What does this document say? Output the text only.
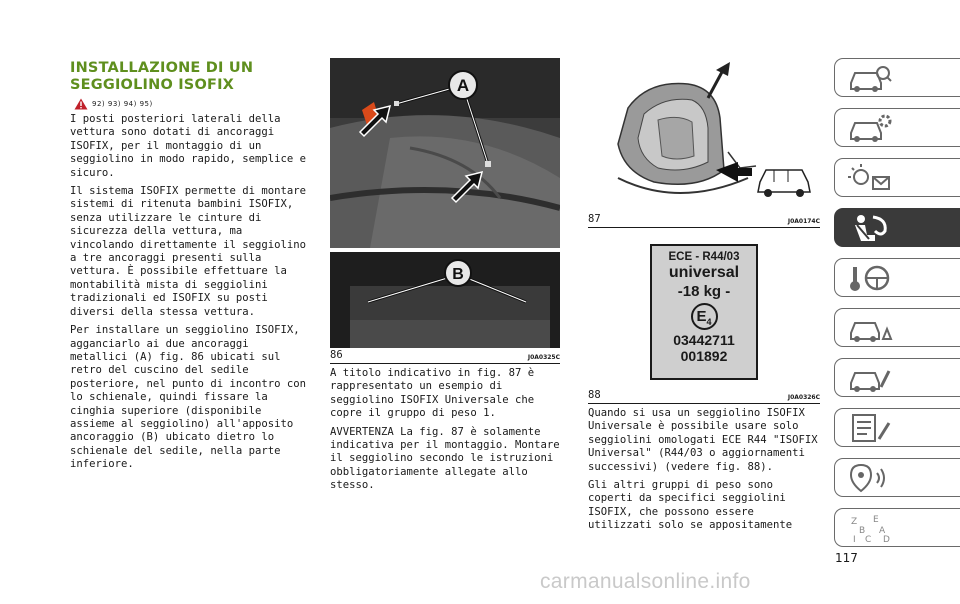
INSTALLAZIONE DI UN
SEGGIOLINO ISOFIX
92) 93) 94) 95)

I posti posteriori laterali della vettura sono dotati di ancoraggi ISOFIX, per il montaggio di un seggiolino in modo rapido, semplice e sicuro.

Il sistema ISOFIX permette di montare sistemi di ritenuta bambini ISOFIX, senza utilizzare le cinture di sicurezza della vettura, ma vincolando direttamente il seggiolino a tre ancoraggi presenti sulla vettura. È possibile effettuare la montabilità mista di seggiolini tradizionali ed ISOFIX su posti diversi della stessa vettura.

Per installare un seggiolino ISOFIX, agganciarlo ai due ancoraggi metallici (A) fig. 86 ubicati sul retro del cuscino del sedile posteriore, nel punto di incontro con lo schienale, quindi fissare la cinghia superiore (disponibile assieme al seggiolino) all'apposito ancoraggio (B) ubicato dietro lo schienale del sedile, nella parte inferiore.

A
B
86	J0A0325C

A titolo indicativo in fig. 87 è rappresentato un esempio di seggiolino ISOFIX Universale che copre il gruppo di peso 1.

AVVERTENZA La fig. 87 è solamente indicativa per il montaggio. Montare il seggiolino secondo le istruzioni obbligatoriamente allegate allo stesso.

87	J0A0174C
ECE - R44/03
universal
-18 kg -
$E_4$
03442711
001892
88	J0A0326C

Quando si usa un seggiolino ISOFIX Universale è possibile usare solo seggiolini omologati ECE R44 "ISOFIX Universal" (R44/03 o aggiornamenti successivi) (vedere fig. 88).

Gli altri gruppi di peso sono coperti da specifici seggiolini ISOFIX, che possono essere utilizzati solo se appositamente	Z E
B A
I C D
117
carmanualsonline.info
